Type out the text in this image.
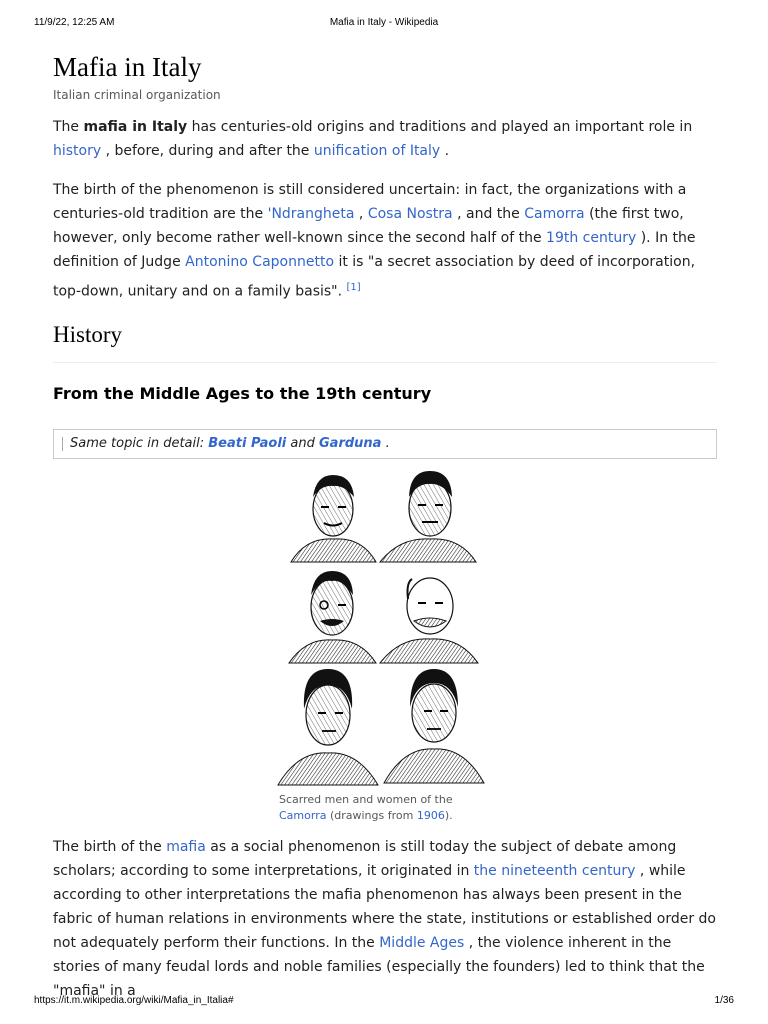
11/9/22, 12:25 AM	Mafia in Italy - Wikipedia
Mafia in Italy
Italian criminal organization

The mafia in Italy has centuries-old origins and traditions and played an important role in history , before, during and after the unification of Italy .

The birth of the phenomenon is still considered uncertain: in fact, the organizations with a centuries-old tradition are the 'Ndrangheta , Cosa Nostra , and the Camorra (the first two, however, only become rather well-known since the second half of the 19th century ). In the definition of Judge Antonino Caponnetto it is "a secret association by deed of incorporation, top-down, unitary and on a family basis". [1]

History
From the Middle Ages to the 19th century
Same topic in detail: Beati Paoli and Garduna .
Scarred men and women of the Camorra (drawings from 1906).

The birth of the mafia as a social phenomenon is still today the subject of debate among scholars; according to some interpretations, it originated in the nineteenth century , while according to other interpretations the mafia phenomenon has always been present in the fabric of human relations in environments where the state, institutions or established order do not adequately perform their functions. In the Middle Ages , the violence inherent in the stories of many feudal lords and noble families (especially the founders) led to think that the "mafia" in a

https://it.m.wikipedia.org/wiki/Mafia_in_Italia#	1/36
